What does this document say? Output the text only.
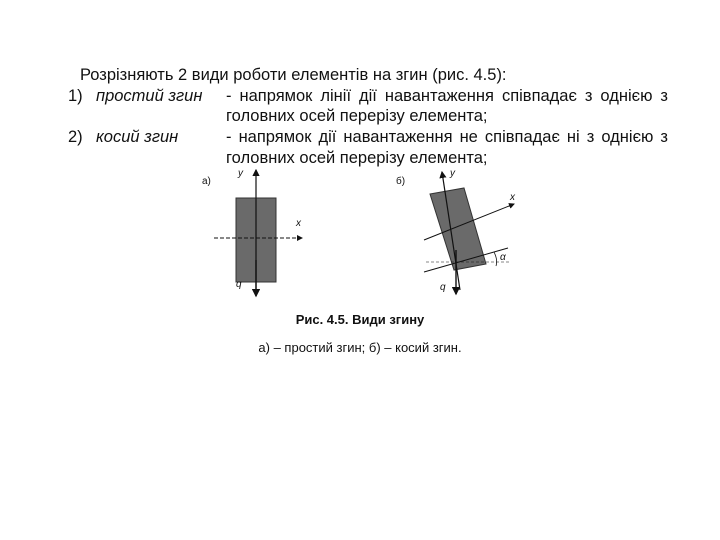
Розрізняють 2 види роботи елементів на згин (рис. 4.5):
1) простий згин - напрямок лінії дії навантаження співпадає з однією з
головних осей перерізу елемента;
2) косий згин	- напрямок дії навантаження не співпадає ні з однією з
головних осей перерізу елемента;
а)
y
x
q
б)
y
x
α
q
Рис. 4.5. Види згину
а) – простий згин; б) – косий згин.
